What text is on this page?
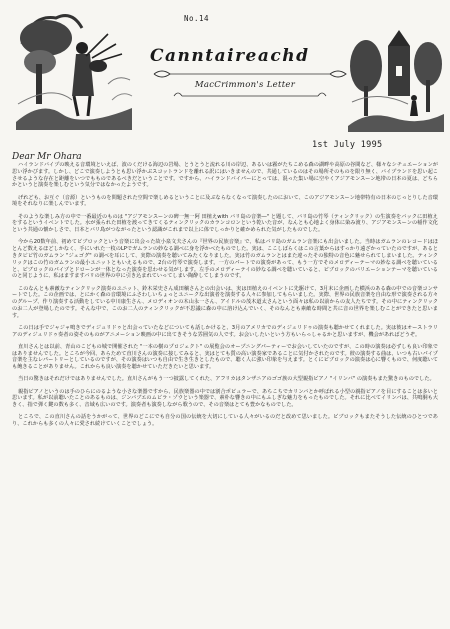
No.14
Canntaireachd
MacCrimmon's Letter
1st July 1995
Dear Mr Ohara

ハイランドバイプの映える音環境といえば、波のくだける海辺の岩場、とうとうと流れる川の岸辺、あるいは霧がたちこめる森の湖畔や高原の谷間など、様々なシチュエーションが思い浮かびます。しかし、どこで演奏しようとも思い浮かぶスコットランドを離れる訳にはいきませんので、共通しているのはその場所そのものを限り無く、バイプランドを思い起こさせるような存在と距離をいつでもものであるべきだということです。ですから、ハイランドバイパーにとっては、混った集い場に空やくアジアモンスーン地帯の日本の夏は、どちらかというと演奏を楽しむという気分ではなかったようです。

げれども、お互ぐ（音源）というものを問題された空間で楽しめるということに及ぶならなくなって演奏したのにおいて、このアジアモンスーン地帯特有の日本のじっとりした音環境をそれなりに楽しんでいます。

そのような楽しみ方の中で一番最近のものは "アジアモンスーンの碑一無一阿 田植えwith バリ島の音楽―" と題して、バリ島の竹琴（ティンクリック）の生演奏をバックに田植えをするというイベントでした。水が張られた田植を渡ってきてくるティンクリックのカランコロンという乾いた音が、なんとも心地よく身体に染み渡り、アジアモンスーンの稲作文化という共通の懐かしさで、日本とバリ島がつながったという認識がこれまで以上に体でしっかりと確かめられた気がしたものでした。

今から20数年前、初めてピブロックという音楽に出会った故小泉文夫さんの『世界の民族音楽』で、私はバリ島のガムラン音楽にも出会いました。当時はガムランのレコードはほとんど数えるほどしかなく、手にいれた一枚のLPでガムランの妙なる調べに身を浮かべたものでした。実は、ここしばらくはこの言葉からはすっかり遠ざかっていたのですが、あるときタビビ竹のガムラン "ジェゴグ" の調べを耳にして、実際の演奏を聴いてみたくなりました。実は竹のガムランとはまた違ったその独特の音色に魅せられてしまいました。ティンクリックはこの竹のガムランの最小ユニットともいえるもので、2台の竹琴で演奏します。一方のパートでの演奏があって、もう一方でそのメロディーテーマの妙なる調べを聴いていると、ピブロックのパイプとドローンが一体となった演奏を思わせる気がします。左手のメロディーテイの妙なる調べを聴いていると、ピブロックのバリエーションテーマを聴いているのと同じように、私はますますバリの世界の中に引き込まれていってしまい陶酔してしまうのです。

このなんとも素敵なティンクリック演奏のユニット、鈴木栄史さん成田穣さんとの出会いは、実は田植えのイベントに先駆けて、3月末に企画した横浜のある森の中での音楽コンサートでした。この企画では、とにかく森の音環境にふさわしいちょっとユニークな出演者を演奏する人々に参加してもらいました。実際、世界の民族音楽を自由な形で演奏される方々のグループ、作り演奏する活動をしている中川康生さん、メロディオンの木山永一さん、アイドルの茂木道太さんという面々は私の以前からの友人たちです。その中にティンクリックのお二人が登場したのです。そんな中で、このお二人のティンクリックが不思議に森の中に溶け込んでいく、そのなんとも素敵な時間と共に音の世界を楽しむことができたと思います。

この日は手でジャジャ鳴きでディジュリドゥと出会っていたなどについても話しかけると、3月のアメリカでのディジュリドゥの演奏も聴かせてくれました。実は彼はオーストラリアのディジュリドゥ奏者の姿そのものがアニメーション映画の中に出てきそうな雰囲気の人です。お会いしたいという方もいらっしゃるかと思いますが、機会があればどうぞ。

直川さんとは以前、青山のこどもの城で開催された "一本の樹のプロジェクト" の展覧会のオープニングパーティーでお会いしていたのですが、この時の演奏は必ずしも良い印象ではありませんでした。ところが今回、あらためて直川さんの演奏に接してみると、実はとても質の高い演奏家であることに気付かされたのです。彼の演奏する曲は、いつも古いパイプ音楽を主なレパートリーとしているのですが、その演奏はいつも自由で生き生きとしたもので、聴く人に強い印象を与えます。とくにピブロックの演奏は心に響くもので、何度聴いても飽きることがありません。これからも良い演奏を聴かせていただきたいと思います。

当日の驚きはそれだけではありませんでした。直川さんがもう一つ披露してくれた、アフリカはタンザニアのゴゴ族の大型親指ピアノ "イリンバ" の演奏もまた驚きのものでした。

親指ピアノというのは手のひらにのるような小さな楽器ですから、民族楽器の中では割合ポピュラーで、あちこちでカリンバとか呼ばれる小型の親指ピアノを目にすることは多いと思います。私が以前聴いたことのあるものは、ジンバブエのムビラ・ゾウという楽器で、素朴な響きの中にもふしぎな魅力をもったものでした。それに比べてイリンバは、共鳴胴も大きく、指で弾く鍵の数も多く、音域も広いのです。演奏者も演奏しながら歌うので、その音楽はとても豊かなものでした。

ところで、この直川さんの話をうかがって、世界のどこにでも自分の国の伝統を大切にしている人々がいるのだと改めて思いました。ピブロックもまたそうした伝統のひとつであり、これからも多くの人々に愛され続けていくことでしょう。
